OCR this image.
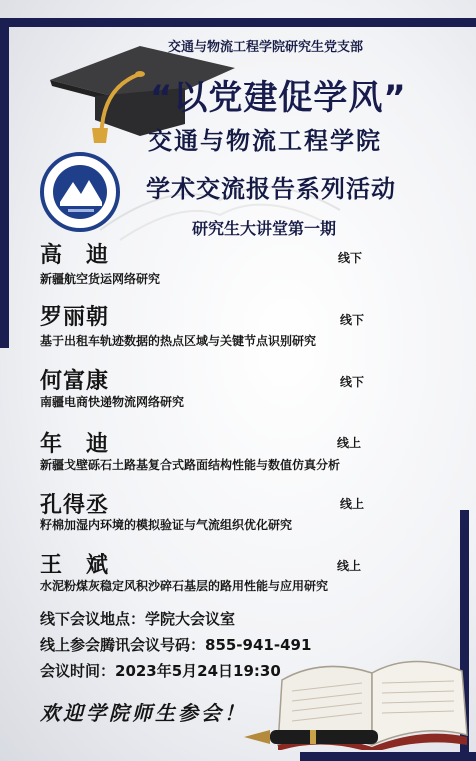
交通与物流工程学院研究生党支部
“以党建促学风”
交通与物流工程学院
学术交流报告系列活动
研究生大讲堂第一期
高　迪	线下
新疆航空货运网络研究
罗丽朝	线下
基于出租车轨迹数据的热点区域与关键节点识别研究
何富康	线下
南疆电商快递物流网络研究
年　迪	线上
新疆戈壁砾石土路基复合式路面结构性能与数值仿真分析
孔得丞	线上
籽棉加湿内环境的模拟验证与气流组织优化研究
王　斌	线上
水泥粉煤灰稳定风积沙碎石基层的路用性能与应用研究
线下会议地点：学院大会议室
线上参会腾讯会议号码：855-941-491
会议时间：2023年5月24日19:30
欢迎学院师生参会！
